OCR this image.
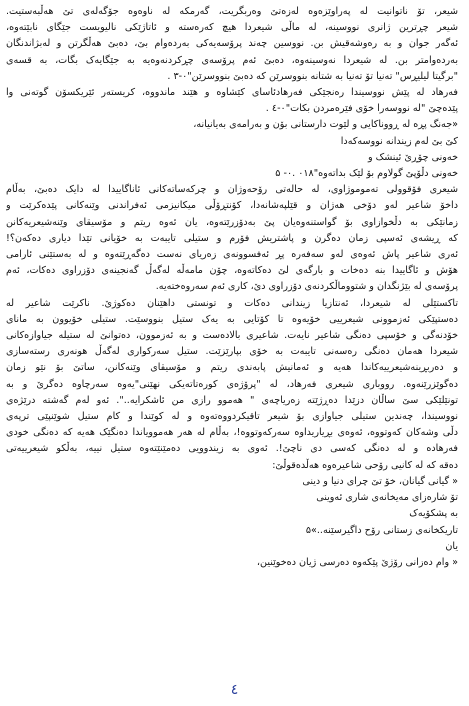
شیعر، تۆ ناتوانیت لە پەراوێزەوە لەزەتێ وەربگریت، گەرمکە لە ناوەوە جۆگەلەی تێ هەڵبەستیت.
شیعر چڕترین ژانری نووسینە، لە ماڵی شیعردا هیچ کەرەستە و ئاتاژێکی نالیویست جێگای نابێتەوە،
ئەگەر جوان و بە رەوشەقیش بن. نووسین چەند پرۆسەیەکی بەردەوام بێ، دەبێ هەڵگرتن و لەبژاندنگان
بەردەوامتر بن. لە شیعردا نەوسینەوە، دەبێ ئەم پرۆسەی چڕکردنەوەیە بە جێگایەک بگات، بە قسەی
"برگیتا لیلیڕس" تەنیا تۆ تەنیا بە شتانە بنووسرێن کە دەبێ بنووسرێن"۰-۳ .
فەرهاد لە پێش نووسیندا رەنجێکی فەرهادئاسای کێشاوە و هێند ماندووە، کریستەر ئێریکسۆن گوتەنی وا
پێدەچێ "لە نووسەرا خۆی فێرەمردن بکات"۰-٤ .
«جەنگ پڕە لە ڕووناکایی و لێوت دارستانی بۆن و بەرامەی بەیانیانە،
کێ بێ لەم زیندانە نووسەکەدا
خەونی چۆڕێ ئینشک و
خەونی دڵۆپێ گولاوم بۆ لێک بداتەوە"۰۱۸ .۰- ۵
شیعری فۆقوولی تەموموژاوی، لە حالەتی رۆحەوژان و چرکەساتەکانی ئاناگاییدا لە دایک دەبێ، بەڵام
داخۆ شاعیر لەو دۆخی هەژان و قێلپەشانەدا، کۆنتڕۆڵی میکانیزمی ئەفراندنی وێنەکانی پێدەکرێت و
زمانێکی بە دڵخوازاوی بۆ گواستنەوەیان پێ بەدۆزرێتەوە، یان ئەوە ریتم و مۆسیقای وێنەشیعریەکانن
کە ڕیشەی ئەسپی زمان دەگرن و پاشتریش فۆرم و ستیلی تایبەت بە خۆیانی تێدا دیاری دەکەن؟!
ئەری شاعیر پاش ئەوەی لەو سەفەرە پڕ ئەفسوونەی زەریای نەست دەگەڕێتەوە و لە بەستێنی ئارامی
هۆش و ئاگاییدا بنە دەخات و بارگەی لێ دەکاتەوە، چۆن مامەڵە لەگەڵ گەنجینەی دۆزراوی دەکات، ئەم
پرۆسەی لە بێژنگدان و شتووماڵکردنەی دۆزراوی دێ، کاری ئەم سەروەختەیە.
تاکستێلی لە شیعردا، ئەنتازیا زیندانی دەکات و تونستی داهێنان دەکوژێ. ناکرێت شاعیر لە
دەستپێکی ئەزموونی شیعرییی خۆیەوە تا کۆتایی بە یەک ستیل بنووسێت. ستیلی خۆیوون بە مانای
خۆدنەگی و خۆسپی دەنگی شاعیر نایەت. شاعیری بالادەست و بە ئەزموون، دەتوانێ لە ستیلە جیاوازەکانی
شیعردا هەمان دەنگی رەسەنی تایبەت بە خۆی بپارێزێت. ستیل سەرکواری لەگەڵ هونەری رستەسازی
و دەربڕینەشیعرییەکاندا هەیە و ئەمانیش پابەندی ریتم و مۆسیقای وێنەکانن، ساتێ بۆ نێو زمان
دەگوێزرێنەوە. رووباری شیعری فەرهاد، لە "پرۆژەی کورەتاتەیکی نهێنی"یەوە سەرچاوە دەگرێ و بە
تونێلێکی سێ ساڵان دزێدا دەڕژێتە زەریاچەی " هەموو رازی من ئاشکرایە..". ئەو لەم گەشتە درێژەی
نووسیندا، چەندین ستیلی جیاوازی بۆ شیعر تاقیکردووەتەوە و لە کوێندا و کام ستیل شوێنپێی ترپەی
دڵی وشەکان کەوتووە، ئەوەی بڕیاریداوە سەرکەوتووە!، بەڵام لە هەر هەموویاندا دەنگێک هەیە کە دەنگی خودی
فەرهادە و لە دەنگی کەسی دی ناچێ!. ئەوی بە زیندوویی دەمێنێتەوە ستیل نییە، بەڵکو شیعرییەتی
دەقە کە لە کانیی رۆحی شاعیرەوە هەڵدەقوڵێ:
« گیانی گیانان، خۆ تێ چرای دنیا و دینی
تۆ شارەزای مەیخانەی شاری ئەوینی
بە پشکۆیەک
تاریکخانەی زستانی رۆح داگیرسێنە..»۵
یان
« وام دەزانی رۆژێ پێکەوە دەرسی ژیان دەخوێنین،
٤
